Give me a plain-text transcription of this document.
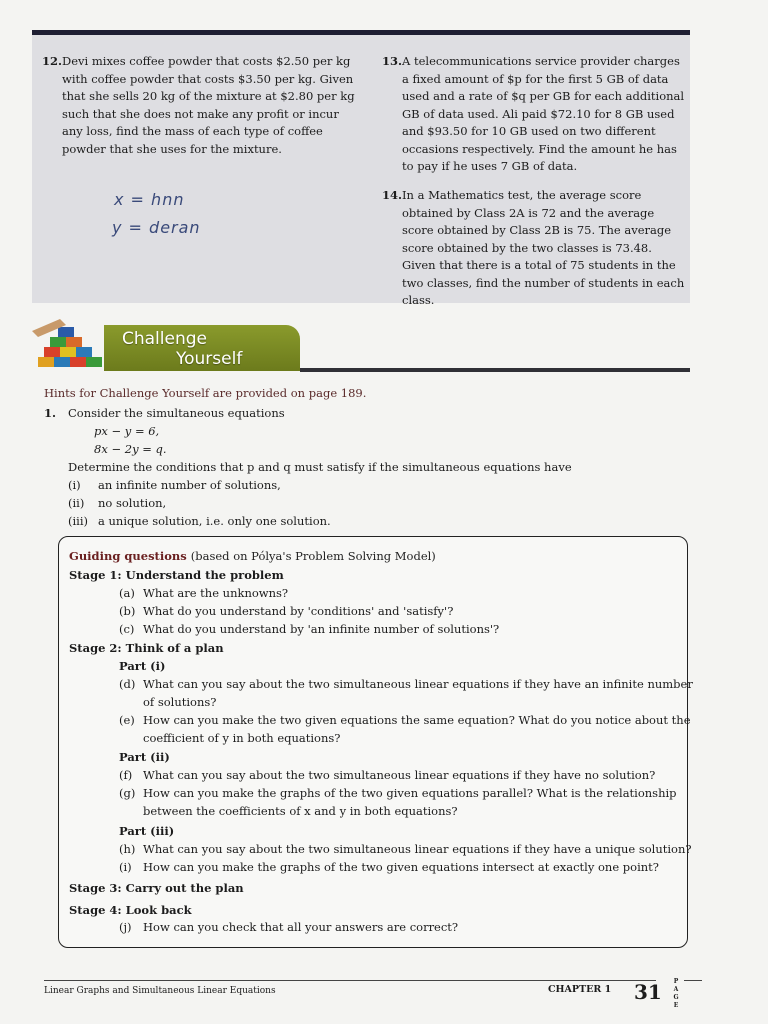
12. Devi mixes coffee powder that costs $2.50 per kg with coffee powder that costs $3.50 per kg. Given that she sells 20 kg of the mixture at $2.80 per kg such that she does not make any profit or incur any loss, find the mass of each type of coffee powder that she uses for the mixture.
13. A telecommunications service provider charges a fixed amount of $p for the first 5 GB of data used and a rate of $q per GB for each additional GB of data used. Ali paid $72.10 for 8 GB used and $93.50 for 10 GB used on two different occasions respectively. Find the amount he has to pay if he uses 7 GB of data.
14. In a Mathematics test, the average score obtained by Class 2A is 72 and the average score obtained by Class 2B is 75. The average score obtained by the two classes is 73.48. Given that there is a total of 75 students in the two classes, find the number of students in each class.
x = hnn
y = deran
Challenge
Yourself
Hints for Challenge Yourself are provided on page 189.
1. Consider the simultaneous equations
px − y = 6,
8x − 2y = q.
Determine the conditions that p and q must satisfy if the simultaneous equations have
(i) an infinite number of solutions,
(ii) no solution,
(iii) a unique solution, i.e. only one solution.
Guiding questions (based on Pólya's Problem Solving Model)
Stage 1: Understand the problem
(a) What are the unknowns?
(b) What do you understand by 'conditions' and 'satisfy'?
(c) What do you understand by 'an infinite number of solutions'?
Stage 2: Think of a plan
Part (i)
(d) What can you say about the two simultaneous linear equations if they have an infinite number
of solutions?
(e) How can you make the two given equations the same equation? What do you notice about the
coefficient of y in both equations?
Part (ii)
(f) What can you say about the two simultaneous linear equations if they have no solution?
(g) How can you make the graphs of the two given equations parallel? What is the relationship
between the coefficients of x and y in both equations?
Part (iii)
(h) What can you say about the two simultaneous linear equations if they have a unique solution?
(i) How can you make the graphs of the two given equations intersect at exactly one point?
Stage 3: Carry out the plan
Stage 4: Look back
(j) How can you check that all your answers are correct?
Linear Graphs and Simultaneous Linear Equations	CHAPTER 1 31 P A G E
